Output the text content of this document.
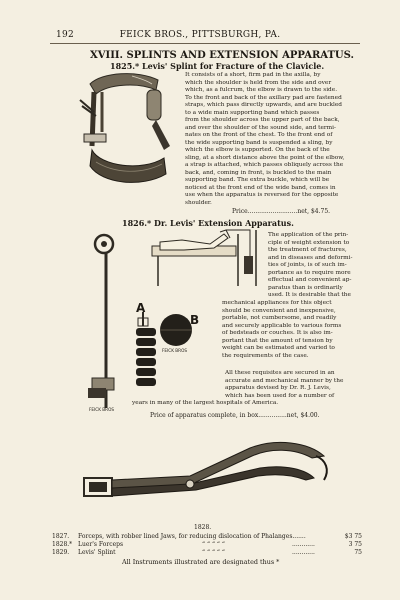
192	FEICK BROS., PITTSBURGH, PA.
XVIII. SPLINTS AND EXTENSION APPARATUS.
1825.* Levis' Splint for Fracture of the Clavicle.
It consists of a short, firm pad in the axilla, by
which the shoulder is held from the side and over
which, as a fulcrum, the elbow is drawn to the side.
To the front and back of the axillary pad are fastened
straps, which pass directly upwards, and are buckled
to a wide main supporting band which passes
from the shoulder across the upper part of the back,
and over the shoulder of the sound side, and termi-
nates on the front of the chest. To the front end of
the wide supporting band is suspended a sling, by
which the elbow is supported. On the back of the
sling, at a short distance above the point of the elbow,
a strap is attached, which passes obliquely across the
back, and, coming in front, is buckled to the main
supporting band. The extra buckle, which will be
noticed at the front end of the wide band, comes in
use when the apparatus is reversed for the opposite
shoulder.
Price..........................net, $4.75.
1826.* Dr. Levis' Extension Apparatus.
FEICK BROS
A
B
FEICK BROS
The application of the prin-
ciple of weight extension to
the treatment of fractures,
and in diseases and deformi-
ties of joints, is of such im-
portance as to require more
effectual and convenient ap-
paratus than is ordinarily
used. It is desirable that the
mechanical appliances for this object
should be convenient and inexpensive,
portable, not cumbersome, and readily
and securely applicable to various forms
of bedsteads or couches. It is also im-
portant that the amount of tension by
weight can be estimated and varied to
the requirements of the case.
All these requisites are secured in an
accurate and mechanical manner by the
apparatus devised by Dr. R. J. Levis,
which has been used for a number of
years in many of the largest hospitals of America.
Price of apparatus complete, in box...............net, $4.00.
1828.
1827. Forceps, with robber lined Jaws, for reducing dislocation of Phalanges.......	$3 75
1828.* Luer's Forceps	“ “ “ “ “	............	3 75
1829. Levis' Splint	“ “ “ “ “	............	75
All Instruments illustrated are designated thus *
